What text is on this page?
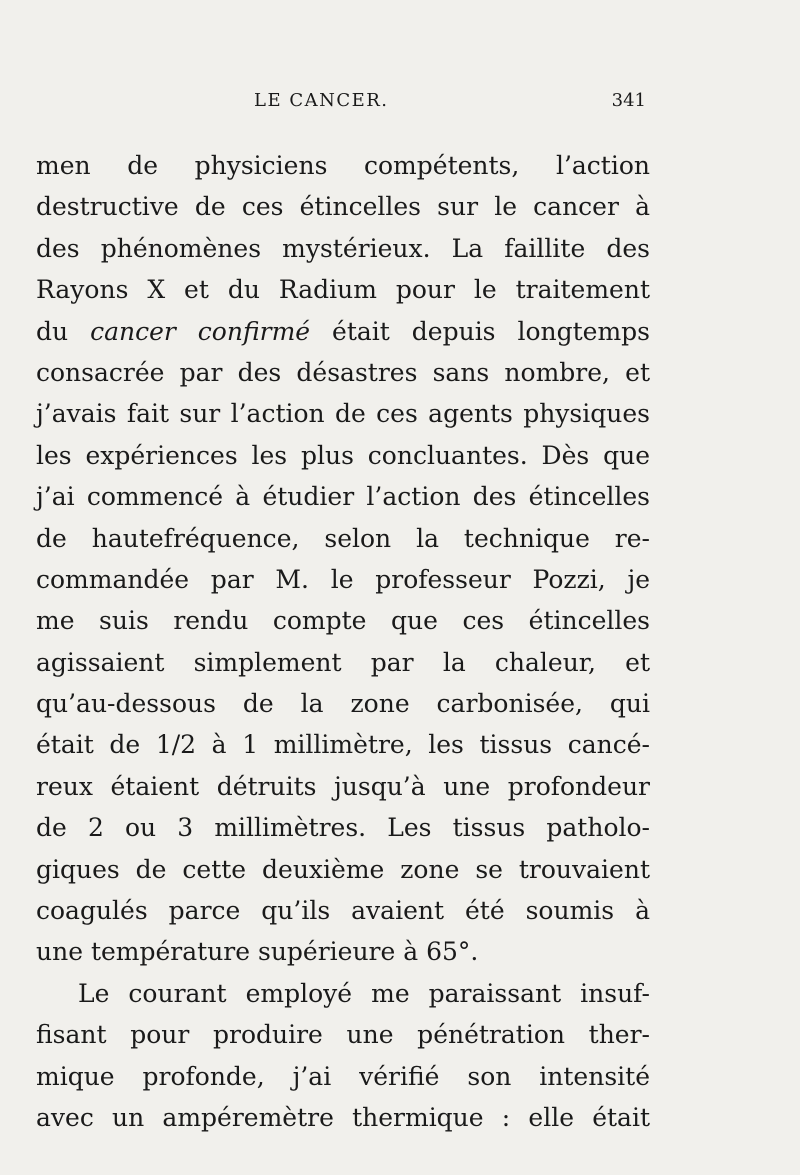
LE CANCER.	341
men de physiciens compétents, l’action
destructive de ces étincelles sur le cancer à
des phénomènes mystérieux. La faillite des
Rayons X et du Radium pour le traitement
du cancer confirmé était depuis longtemps
consacrée par des désastres sans nombre, et
j’avais fait sur l’action de ces agents physiques
les expériences les plus concluantes. Dès que
j’ai commencé à étudier l’action des étincelles
de hautefréquence, selon la technique re-
commandée par M. le professeur Pozzi, je
me suis rendu compte que ces étincelles
agissaient simplement par la chaleur, et
qu’au-dessous de la zone carbonisée, qui
était de 1/2 à 1 millimètre, les tissus cancé-
reux étaient détruits jusqu’à une profondeur
de 2 ou 3 millimètres. Les tissus patholo-
giques de cette deuxième zone se trouvaient
coagulés parce qu’ils avaient été soumis à
une température supérieure à 65°.
Le courant employé me paraissant insuf-
fisant pour produire une pénétration ther-
mique profonde, j’ai vérifié son intensité
avec un ampéremètre thermique : elle était
